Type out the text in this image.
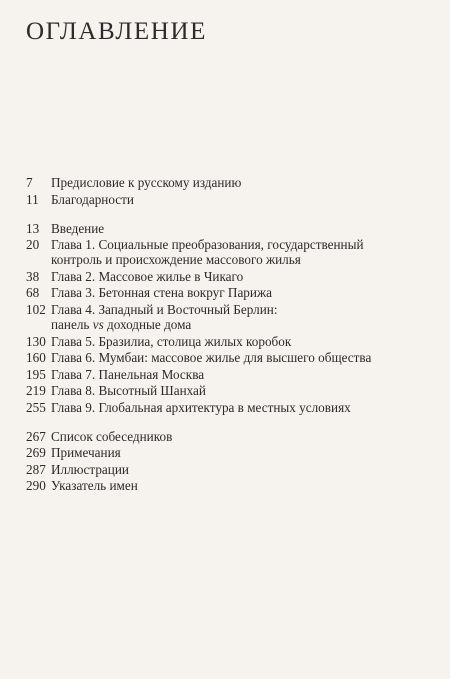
ОГЛАВЛЕНИЕ
7	Предисловие к русскому изданию
11 Благодарности
13 Введение
20 Глава 1. Социальные преобразования, государственный
контроль и происхождение массового жилья
38 Глава 2. Массовое жилье в Чикаго
68 Глава 3. Бетонная стена вокруг Парижа
102 Глава 4. Западный и Восточный Берлин:
панель vs доходные дома
130 Глава 5. Бразилиа, столица жилых коробок
160 Глава 6. Мумбаи: массовое жилье для высшего общества
195 Глава 7. Панельная Москва
219 Глава 8. Высотный Шанхай
255 Глава 9. Глобальная архитектура в местных условиях
267 Список собеседников
269 Примечания
287 Иллюстрации
290 Указатель имен
